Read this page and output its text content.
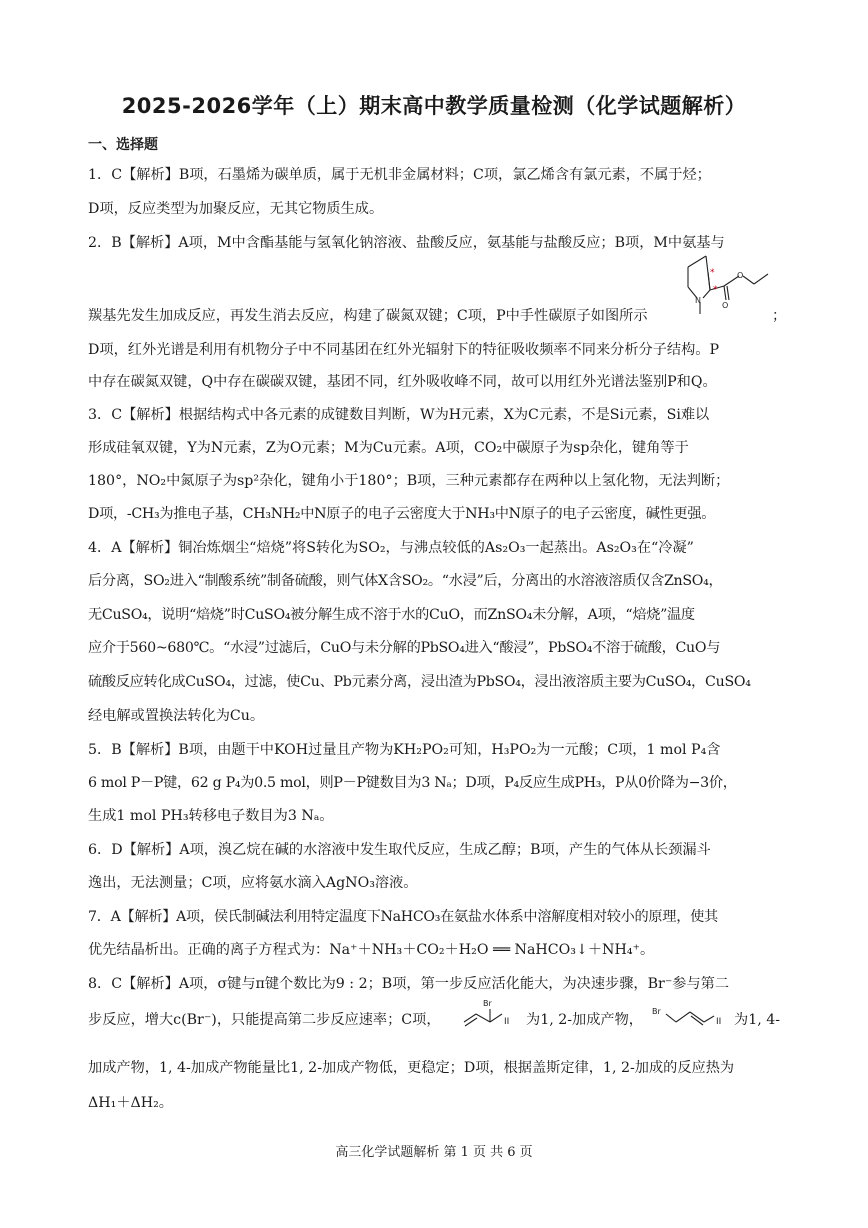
2025-2026学年（上）期末高中教学质量检测（化学试题解析）
一、选择题
1．C【解析】B项，石墨烯为碳单质，属于无机非金属材料；C项，氯乙烯含有氯元素，不属于烃；
D项，反应类型为加聚反应，无其它物质生成。
2．B【解析】A项，M中含酯基能与氢氧化钠溶液、盐酸反应，氨基能与盐酸反应；B项，M中氨基与
羰基先发生加成反应，再发生消去反应，构建了碳氮双键；C项，P中手性碳原子如图所示
N
O
O
*
*
；
D项，红外光谱是利用有机物分子中不同基团在红外光辐射下的特征吸收频率不同来分析分子结构。P
中存在碳氮双键，Q中存在碳碳双键，基团不同，红外吸收峰不同，故可以用红外光谱法鉴别P和Q。
3．C【解析】根据结构式中各元素的成键数目判断，W为H元素，X为C元素，不是Si元素，Si难以
形成硅氧双键，Y为N元素，Z为O元素；M为Cu元素。A项，CO₂中碳原子为sp杂化，键角等于
180°，NO₂中氮原子为sp²杂化，键角小于180°；B项，三种元素都存在两种以上氢化物，无法判断；
D项，-CH₃为推电子基，CH₃NH₂中N原子的电子云密度大于NH₃中N原子的电子云密度，碱性更强。
4．A【解析】铜冶炼烟尘“焙烧”将S转化为SO₂，与沸点较低的As₂O₃一起蒸出。As₂O₃在“冷凝”
后分离，SO₂进入“制酸系统”制备硫酸，则气体X含SO₂。“水浸”后，分离出的水溶液溶质仅含ZnSO₄，
无CuSO₄，说明“焙烧”时CuSO₄被分解生成不溶于水的CuO，而ZnSO₄未分解，A项，“焙烧”温度
应介于560~680℃。“水浸”过滤后，CuO与未分解的PbSO₄进入“酸浸”，PbSO₄不溶于硫酸，CuO与
硫酸反应转化成CuSO₄，过滤，使Cu、Pb元素分离，浸出渣为PbSO₄，浸出液溶质主要为CuSO₄，CuSO₄
经电解或置换法转化为Cu。
5．B【解析】B项，由题干中KOH过量且产物为KH₂PO₂可知，H₃PO₂为一元酸；C项，1 mol P₄含
6 mol P－P键，62 g P₄为0.5 mol，则P－P键数目为3 Nₐ；D项，P₄反应生成PH₃，P从0价降为−3价，
生成1 mol PH₃转移电子数目为3 Nₐ。
6．D【解析】A项，溴乙烷在碱的水溶液中发生取代反应，生成乙醇；B项，产生的气体从长颈漏斗
逸出，无法测量；C项，应将氨水滴入AgNO₃溶液。
7．A【解析】A项，侯氏制碱法利用特定温度下NaHCO₃在氨盐水体系中溶解度相对较小的原理，使其
优先结晶析出。正确的离子方程式为：Na⁺＋NH₃＋CO₂＋H₂O ══ NaHCO₃↓＋NH₄⁺。
8．C【解析】A项，σ键与π键个数比为9 : 2；B项，第一步反应活化能大，为决速步骤，Br⁻参与第二
步反应，增大c(Br⁻)，只能提高第二步反应速率；C项，
Br
II 为1, 2-加成产物，
Br
II 为1, 4-
加成产物，1, 4-加成产物能量比1, 2-加成产物低，更稳定；D项，根据盖斯定律，1, 2-加成的反应热为
ΔH₁＋ΔH₂。
高三化学试题解析 第 1 页 共 6 页
